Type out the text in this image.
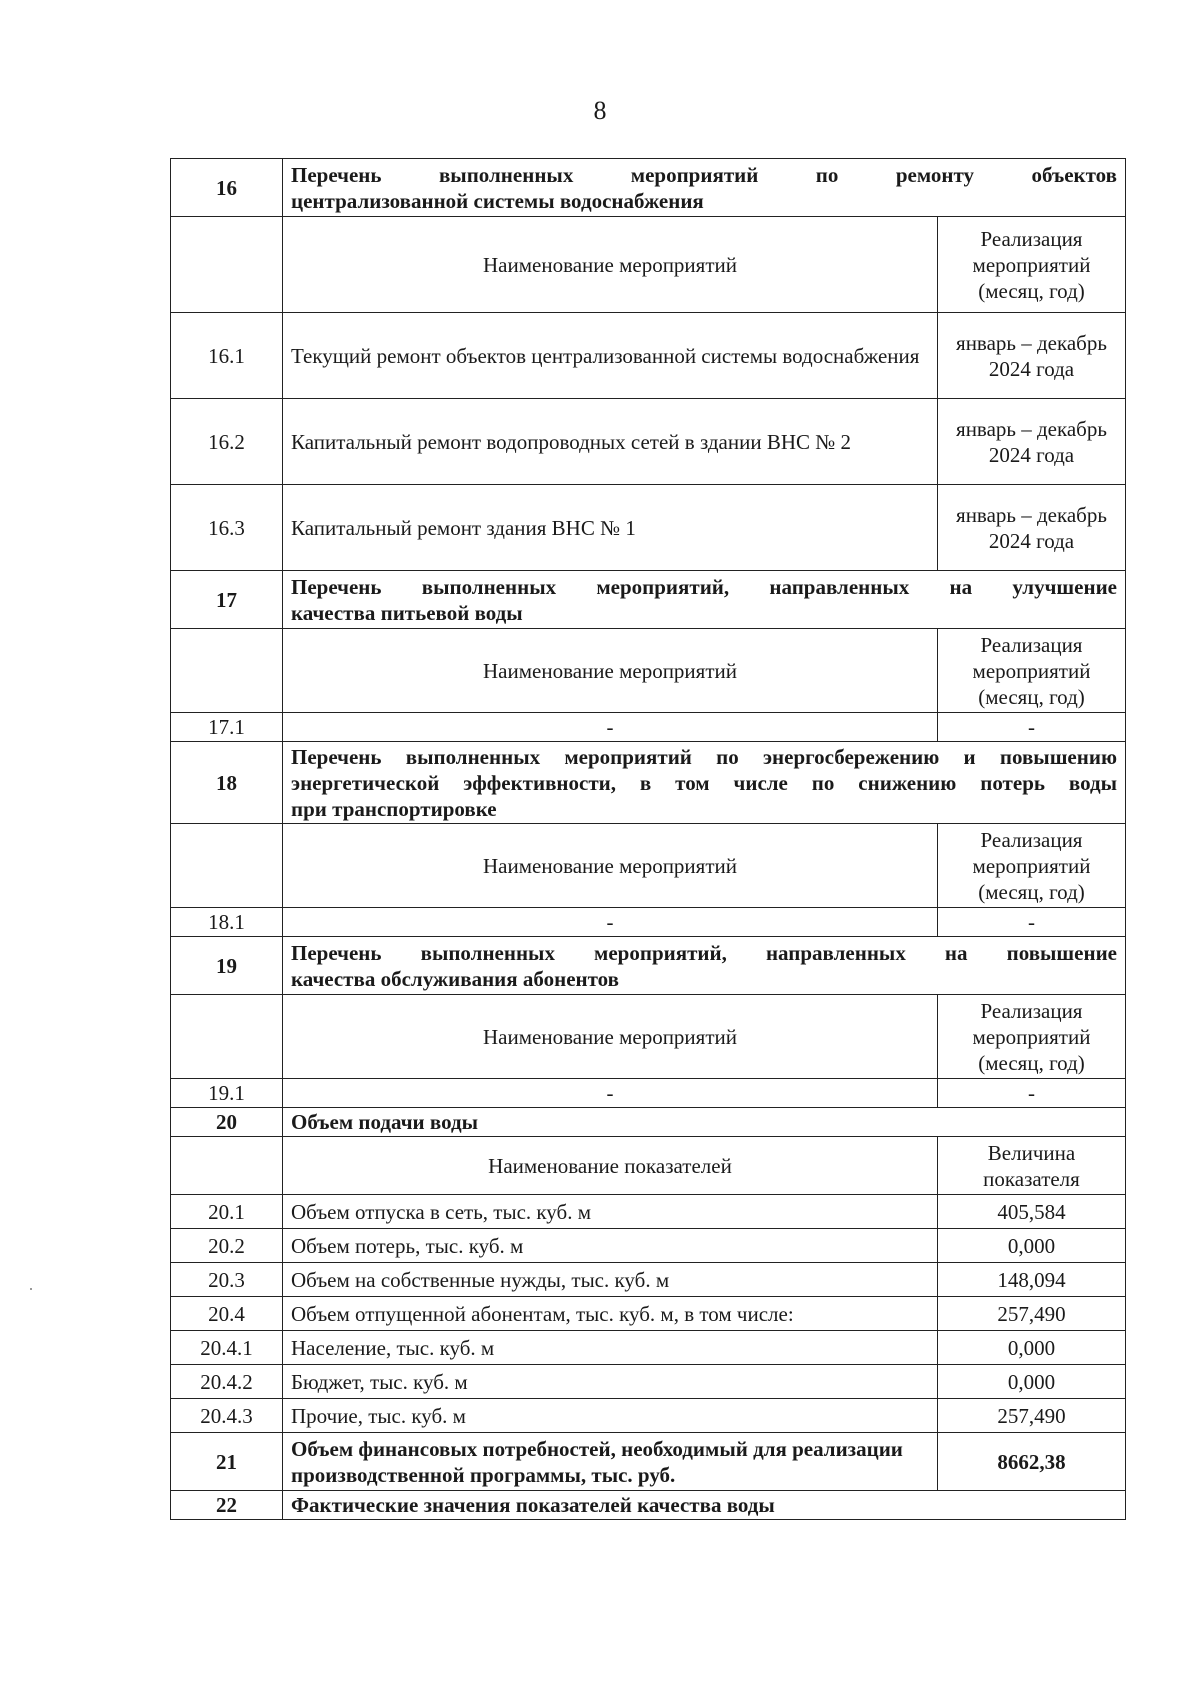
8
16	Перечень выполненных мероприятий по ремонту объектов
централизованной системы водоснабжения	

	Наименование мероприятий	Реализация мероприятий (месяц, год)
16.1	Текущий ремонт объектов централизованной системы водоснабжения	январь – декабрь 2024 года
16.2	Капитальный ремонт водопроводных сетей в здании ВНС № 2	январь – декабрь 2024 года
16.3	Капитальный ремонт здания ВНС № 1	январь – декабрь 2024 года
17	Перечень выполненных мероприятий, направленных на улучшение
качества питьевой воды	

	Наименование мероприятий	Реализация мероприятий (месяц, год)
17.1	-	-
18	Перечень выполненных мероприятий по энергосбережению и повышению
энергетической эффективности, в том числе по снижению потерь воды
при транспортировке	

	Наименование мероприятий	Реализация мероприятий (месяц, год)
18.1	-	-
19	Перечень выполненных мероприятий, направленных на повышение
качества обслуживания абонентов	

	Наименование мероприятий	Реализация мероприятий (месяц, год)
19.1	-	-
20	Объем подачи воды	
	Наименование показателей	Величина показателя
20.1	Объем отпуска в сеть, тыс. куб. м	405,584
20.2	Объем потерь, тыс. куб. м	0,000
20.3	Объем на собственные нужды, тыс. куб. м	148,094
20.4	Объем отпущенной абонентам, тыс. куб. м, в том числе:	257,490
20.4.1	Население, тыс. куб. м	0,000
20.4.2	Бюджет, тыс. куб. м	0,000
20.4.3	Прочие, тыс. куб. м	257,490
21	Объем финансовых потребностей, необходимый для реализации производственной программы, тыс. руб.	8662,38
22	Фактические значения показателей качества воды	
